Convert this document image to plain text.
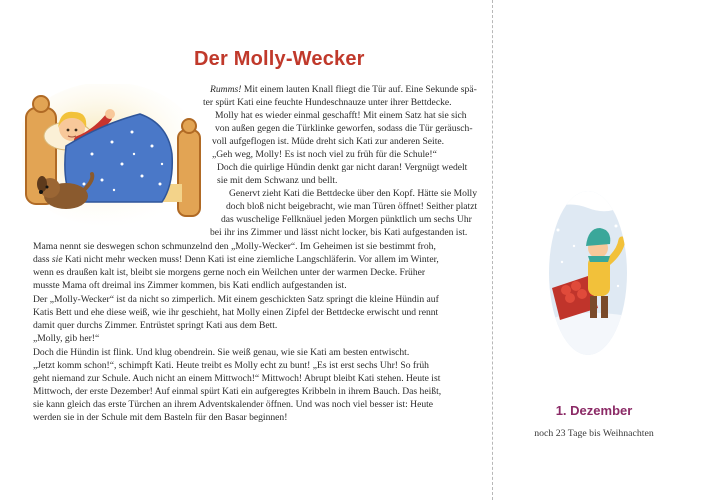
Der Molly-Wecker
Rumms! Mit einem lauten Knall fliegt die Tür auf. Eine Sekunde spä-
ter spürt Kati eine feuchte Hundeschnauze unter ihrer Bettdecke.
Molly hat es wieder einmal geschafft! Mit einem Satz hat sie sich
von außen gegen die Türklinke geworfen, sodass die Tür geräusch-
voll aufgeflogen ist. Müde dreht sich Kati zur anderen Seite.
„Geh weg, Molly! Es ist noch viel zu früh für die Schule!“
Doch die quirlige Hündin denkt gar nicht daran! Vergnügt wedelt
sie mit dem Schwanz und bellt.
Genervt zieht Kati die Bettdecke über den Kopf. Hätte sie Molly
doch bloß nicht beigebracht, wie man Türen öffnet! Seither platzt
das wuschelige Fellknäuel jeden Morgen pünktlich um sechs Uhr
bei ihr ins Zimmer und lässt nicht locker, bis Kati aufgestanden ist.
Mama nennt sie deswegen schon schmunzelnd den „Molly-Wecker“. Im Geheimen ist sie bestimmt froh,
dass sie Kati nicht mehr wecken muss! Denn Kati ist eine ziemliche Langschläferin. Vor allem im Winter,
wenn es draußen kalt ist, bleibt sie morgens gerne noch ein Weilchen unter der warmen Decke. Früher
musste Mama oft dreimal ins Zimmer kommen, bis Kati endlich aufgestanden ist.
Der „Molly-Wecker“ ist da nicht so zimperlich. Mit einem geschickten Satz springt die kleine Hündin auf
Katis Bett und ehe diese weiß, wie ihr geschieht, hat Molly einen Zipfel der Bettdecke erwischt und rennt
damit quer durchs Zimmer. Entrüstet springt Kati aus dem Bett.
„Molly, gib her!“
Doch die Hündin ist flink. Und klug obendrein. Sie weiß genau, wie sie Kati am besten entwischt.
„Jetzt komm schon!“, schimpft Kati. Heute treibt es Molly echt zu bunt! „Es ist erst sechs Uhr! So früh
geht niemand zur Schule. Auch nicht an einem Mittwoch!“ Mittwoch! Abrupt bleibt Kati stehen. Heute ist
Mittwoch, der erste Dezember! Auf einmal spürt Kati ein aufgeregtes Kribbeln in ihrem Bauch. Das heißt,
sie kann gleich das erste Türchen an ihrem Adventskalender öffnen. Und was noch viel besser ist: Heute
werden sie in der Schule mit dem Basteln für den Basar beginnen!	1. Dezember
noch 23 Tage bis Weihnachten
